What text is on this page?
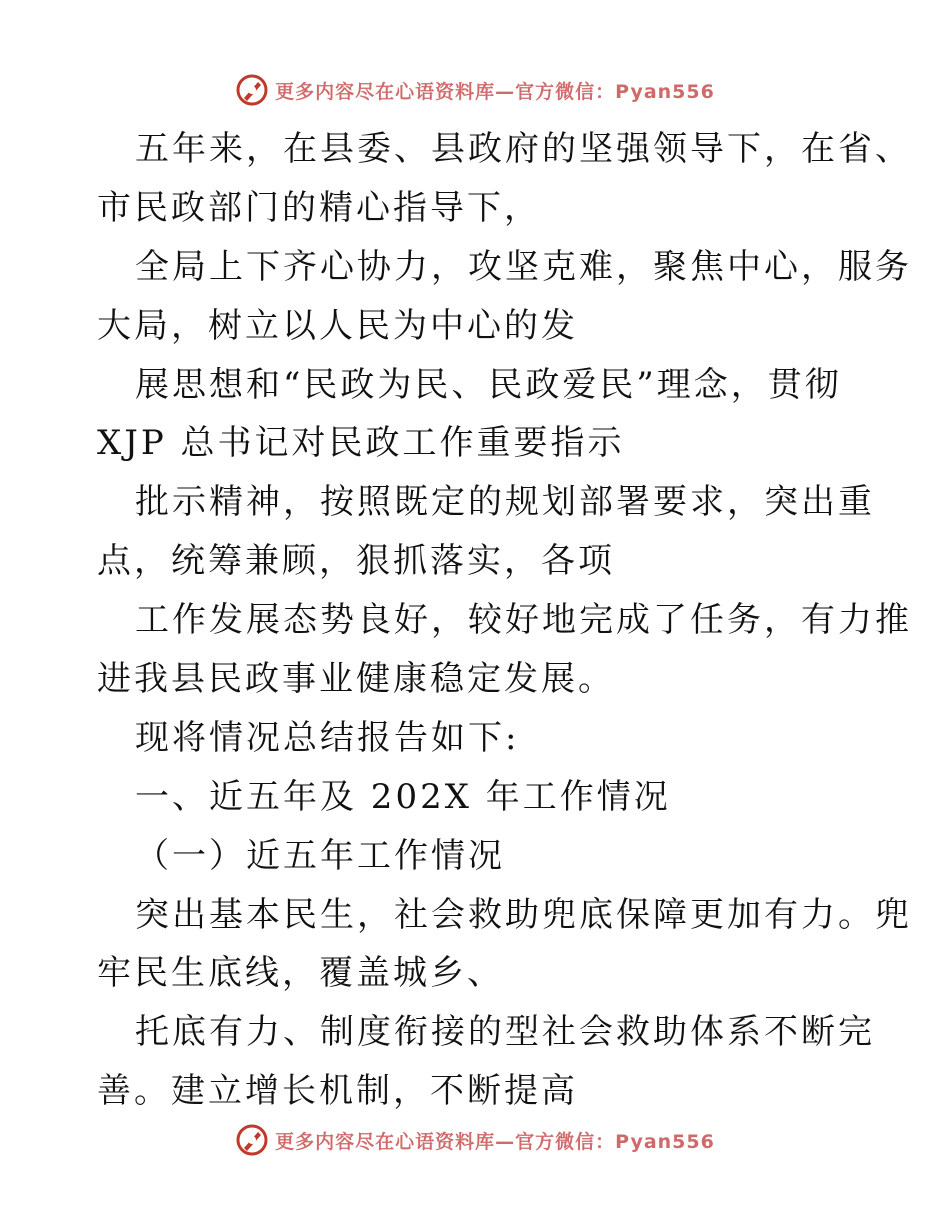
更多内容尽在心语资料库—官方微信：Pyan556
五年来，在县委、县政府的坚强领导下，在省、
市民政部门的精心指导下，
全局上下齐心协力，攻坚克难，聚焦中心，服务
大局，树立以人民为中心的发
展思想和“民政为民、民政爱民”理念，贯彻
XJP 总书记对民政工作重要指示
批示精神，按照既定的规划部署要求，突出重
点，统筹兼顾，狠抓落实，各项
工作发展态势良好，较好地完成了任务，有力推
进我县民政事业健康稳定发展。
现将情况总结报告如下:
一、近五年及 202X 年工作情况
（一）近五年工作情况
突出基本民生，社会救助兜底保障更加有力。兜
牢民生底线，覆盖城乡、
托底有力、制度衔接的型社会救助体系不断完
善。建立增长机制，不断提高
更多内容尽在心语资料库—官方微信：Pyan556
